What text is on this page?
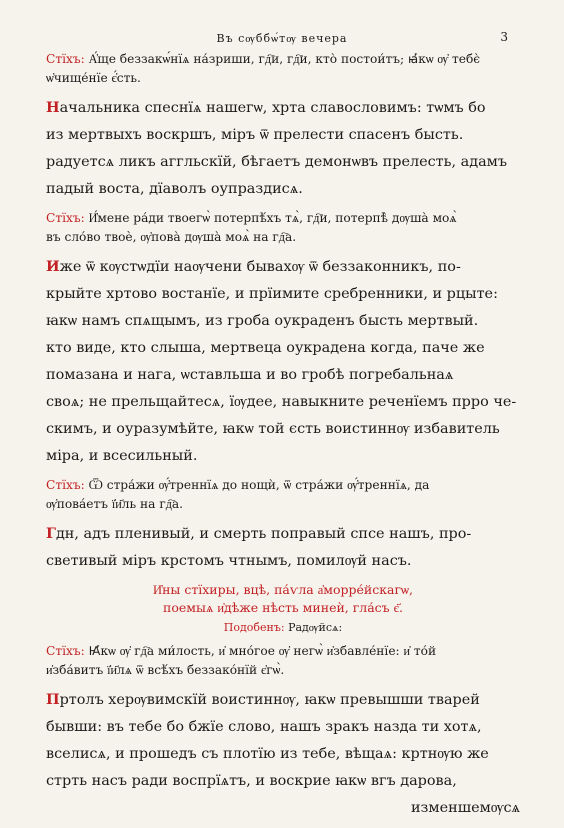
Въ сѹббѡ́тѹ вечера	3
Стїхъ: А҆́ще беззакѡ́нїѧ на́зриши, гд҇и, гд҇и, кто̀ постои́тъ; ꙗ҆́кѡ ѹ҆ тебє̀ ѡ҆чище́нїе є҆́сть.
Начальника спеснїѧ нашегѡ, хрта славословимъ: тѡмъ бо
из мертвыхъ воскршъ, міръ ѿ прелести спасенъ бысть.
радуетсѧ ликъ аггльскїй, бѣгаетъ демонѡвъ прелесть, адамъ
падый воста, дїаволъ оупраздисѧ.
Стїхъ: И҆́мене ра́ди твоегѡ̀ потерпѣ́хъ тѧ̀, гд҇и, потерпѣ̀ дѹша̀ моѧ̀
въ сло́во твоѐ, ѹ҆пова̀ дѹша̀ моѧ̀ на гд҇а.
Иже ѿ кѹстѡдїи наѹчени бывахѹ ѿ беззаконникъ, по-
крыйте хртово востанїе, и прїимите сребренники, и рцыте:
ꙗкѡ намъ спѧщымъ, из гроба оукраденъ бысть мертвый.
кто виде, кто слыша, мертвеца оукрадена когда, паче же
помазана и нага, ѡставльша и во гробѣ погребальнаѧ
своѧ; не прельщайтесѧ, їѹдее, навыкните реченїемъ прро че-
скимъ, и оуразумѣйте, ꙗкѡ той єсть воистиннѹ избавитель
міра, и всесильный.
Стїхъ: Ѿ стра́жи ѹ҆́треннїѧ до нощѝ, ѿ стра́жи ѹ҆́треннїѧ, да
ѹ҆пова́етъ ї҆и҃ль на гд҇а.
Гдн, адъ пленивый, и смерть поправый спсе нашъ, про-
светивый міръ крстомъ чтнымъ, помилѹй насъ.
И҆ны стїхиры, вцѣ, па́ѵла а҆морре́йскагѡ,
поемыѧ и҆дѣже нѣсть минеѝ, гла́съ є҃.
Подобенъ: Радѹйсѧ:
Стїхъ: Ꙗ҆́кѡ ѹ҆ гд҇а ми́лость, и҆ мно́гое ѹ҆ негѡ̀ и҆збавле́нїе: и҆ то́й
и҆зба́витъ ї҆и҃лѧ ѿ всѣ́хъ беззако́нїй є҆гѡ̀.
Пртолъ херѹвимскїй воистиннѹ, ꙗкѡ превышши тварей
бывши: въ тебе бо бжїе слово, нашъ зракъ назда ти хотѧ,
вселисѧ, и прошедъ съ плотїю из тебе, вѣщаѧ: кртнѹю же
стрть насъ ради воспрїѧтъ, и воскрие ꙗкѡ вгъ дарова,
изменшемѹсѧ
